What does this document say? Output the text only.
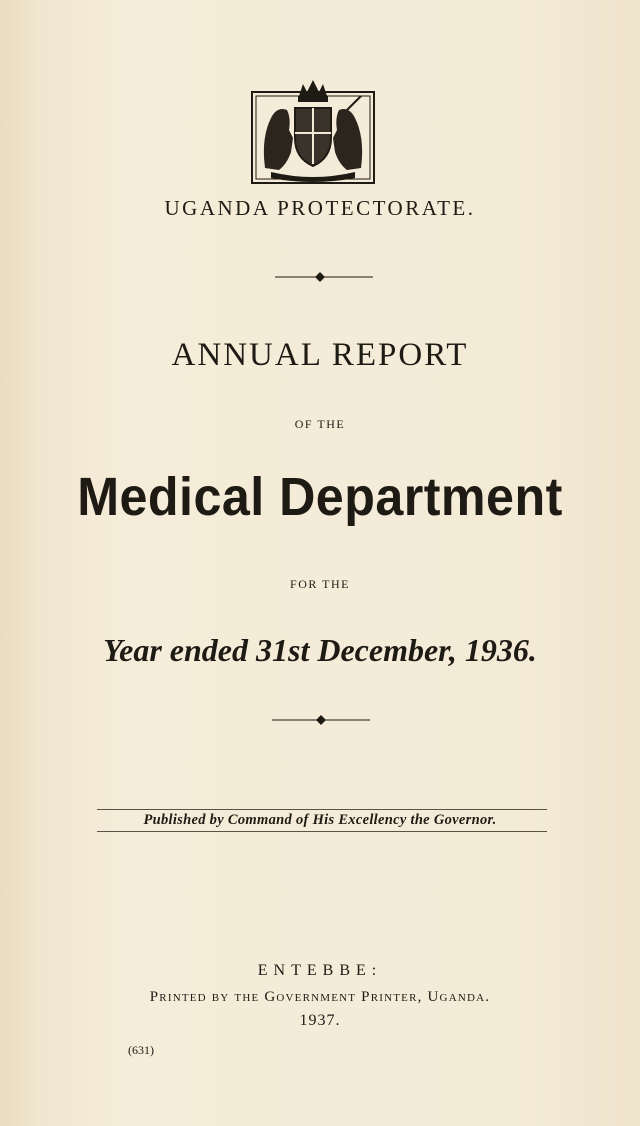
UGANDA PROTECTORATE.
ANNUAL REPORT
OF THE
Medical Department
FOR THE
Year ended 31st December, 1936.
Published by Command of His Excellency the Governor.
ENTEBBE:
Printed by the Government Printer, Uganda.
1937.
(631)
